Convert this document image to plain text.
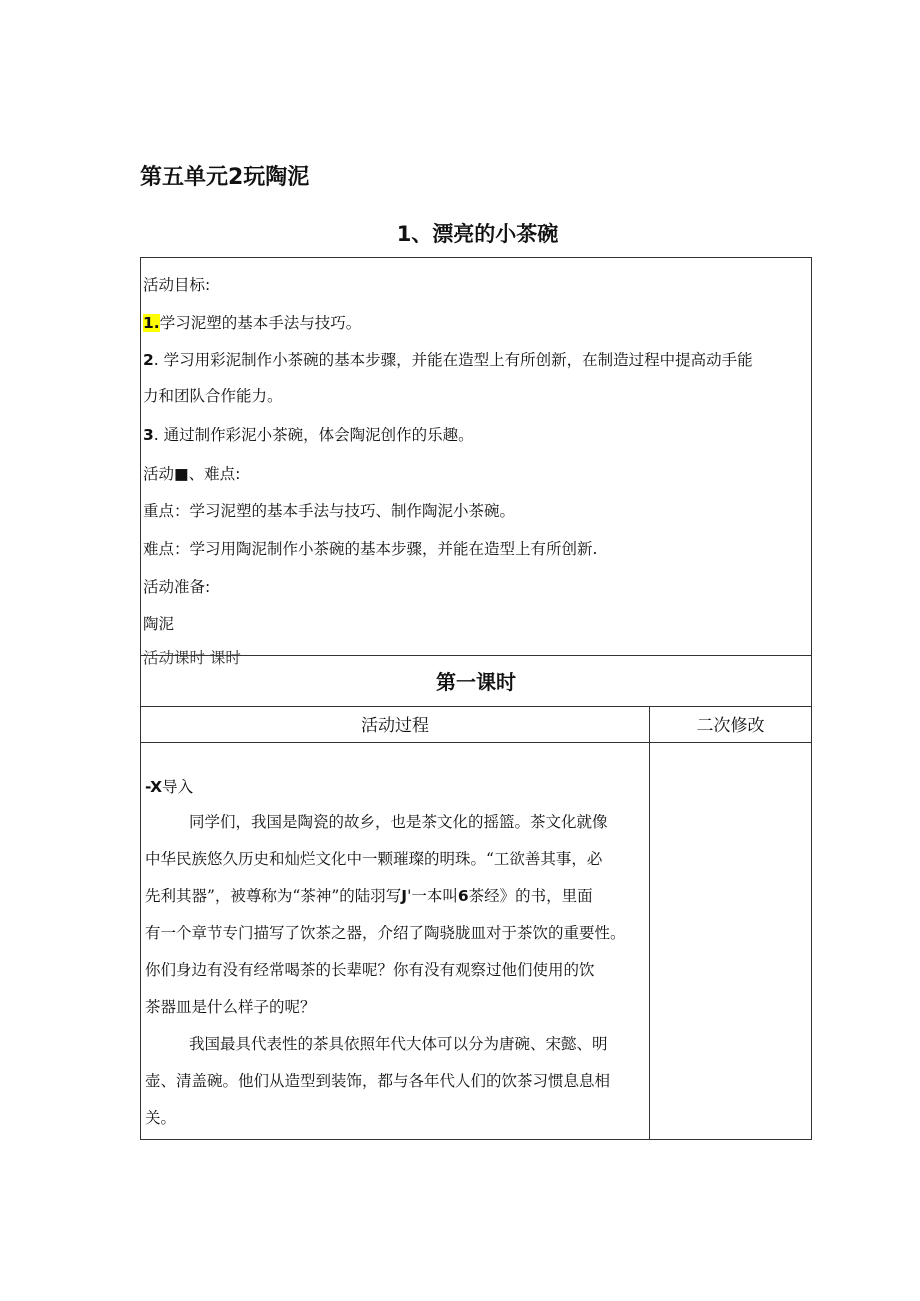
第五单元2玩陶泥
1、漂亮的小茶碗
活动目标:
1.学习泥塑的基本手法与技巧。
2. 学习用彩泥制作小茶碗的基本步骤，并能在造型上有所创新，在制造过程中提高动手能
力和团队合作能力。
3. 通过制作彩泥小茶碗，体会陶泥创作的乐趣。
活动■、难点:
重点：学习泥塑的基本手法与技巧、制作陶泥小茶碗。
难点：学习用陶泥制作小茶碗的基本步骤，并能在造型上有所创新.
活动准备:
陶泥
活动课时 课时
第一课时
活动过程	二次修改
-X导入
同学们，我国是陶瓷的故乡，也是茶文化的摇篮。茶文化就像
中华民族悠久历史和灿烂文化中一颗璀璨的明珠。“工欲善其事，必
先利其器”，被尊称为“茶神”的陆羽写J'一本叫6茶经》的书，里面
有一个章节专门描写了饮茶之器，介绍了陶骁胧皿对于茶饮的重要性。
你们身边有没有经常喝茶的长辈呢？你有没有观察过他们使用的饮
茶器皿是什么样子的呢？
我国最具代表性的茶具依照年代大体可以分为唐碗、宋懿、明
壶、清盖碗。他们从造型到装饰，都与各年代人们的饮茶习惯息息相
关。
